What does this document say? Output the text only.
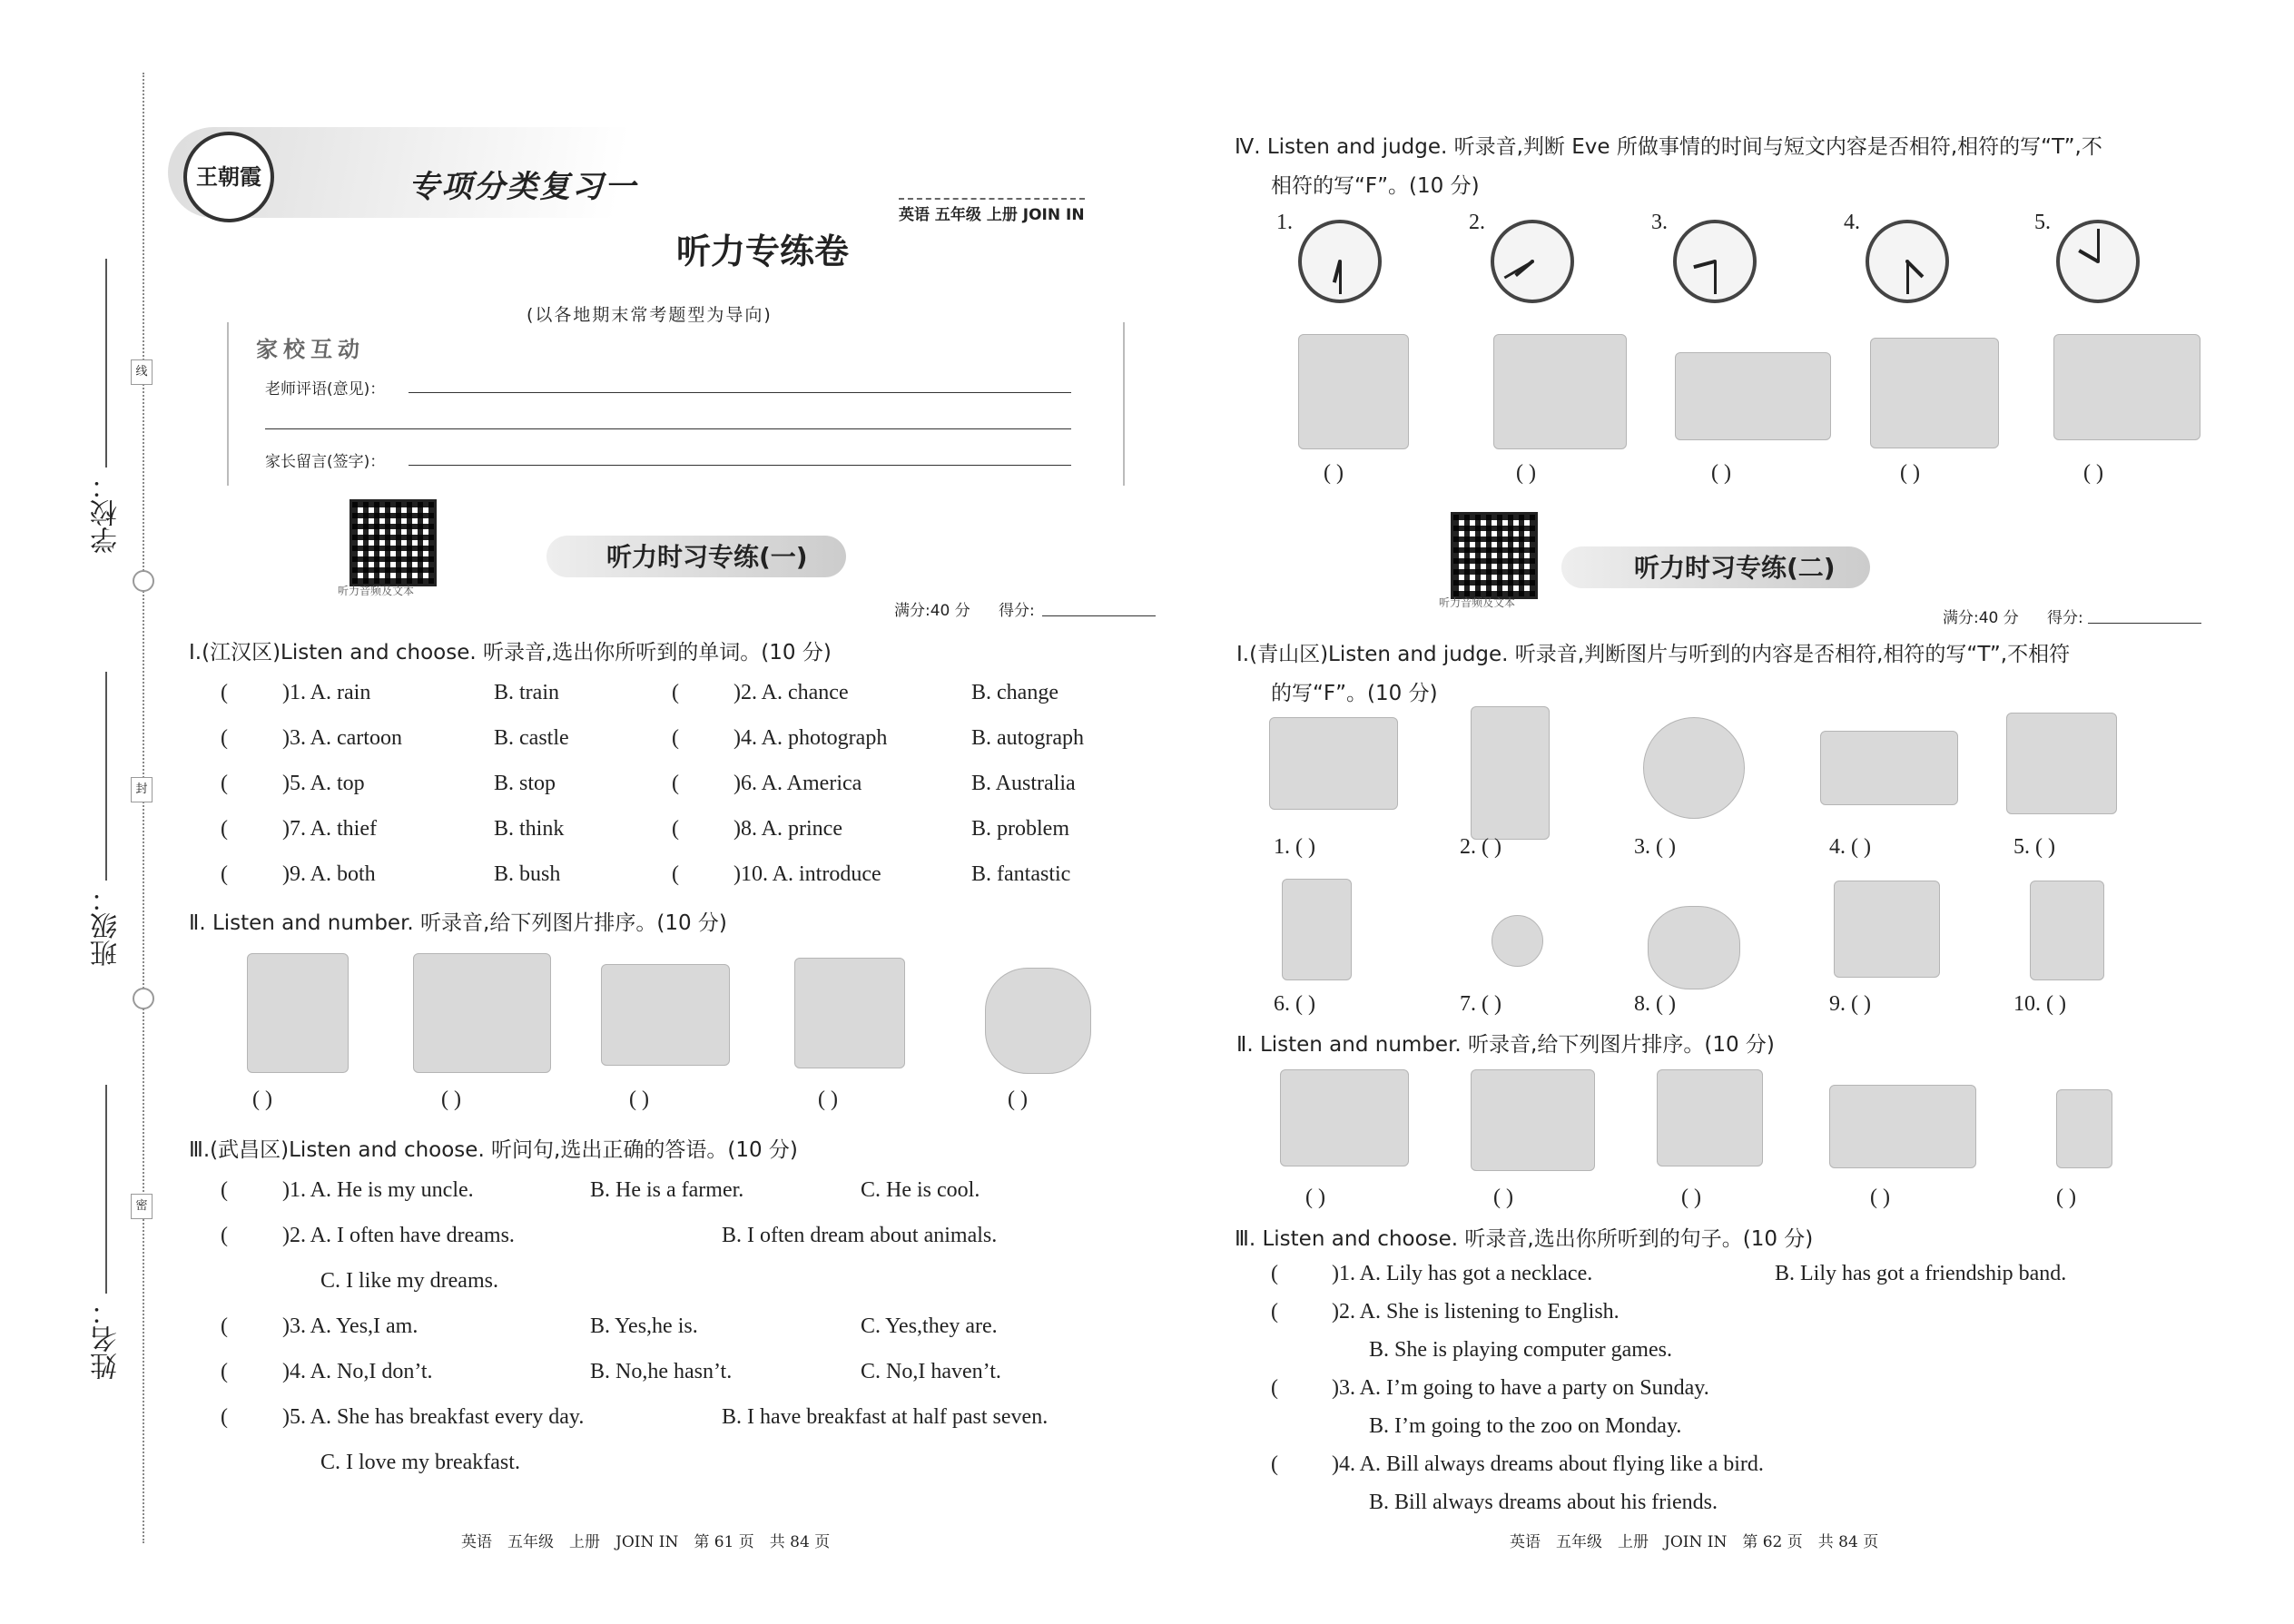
线
封
密
学校：
班级：
姓名：
王朝霞	专项分类复习一
英语 五年级 上册 JOIN IN
听力专练卷
(以各地期末常考题型为导向)
家校互动
老师评语(意见)：
家长留言(签字)：
听力音频及文本
听力时习专练(一)
满分:40 分 得分:
Ⅰ.(江汉区)Listen and choose. 听录音,选出你所听到的单词。(10 分)
(	)1. A. rain	B. train	(	)2. A. chance	B. change
(	)3. A. cartoon	B. castle	(	)4. A. photograph	B. autograph
(	)5. A. top	B. stop	(	)6. A. America	B. Australia
(	)7. A. thief	B. think	(	)8. A. prince	B. problem
(	)9. A. both	B. bush	(	)10. A. introduce	B. fantastic
Ⅱ. Listen and number. 听录音,给下列图片排序。(10 分)
( )	( )	( )	( )	( )
Ⅲ.(武昌区)Listen and choose. 听问句,选出正确的答语。(10 分)
(	)1. A. He is my uncle.	B. He is a farmer.	C. He is cool.
(	)2. A. I often have dreams.	B. I often dream about animals.
C. I like my dreams.
(	)3. A. Yes,I am.	B. Yes,he is.	C. Yes,they are.
(	)4. A. No,I don’t.	B. No,he hasn’t.	C. No,I haven’t.
(	)5. A. She has breakfast every day.	B. I have breakfast at half past seven.
C. I love my breakfast.
英语　五年级　上册　JOIN IN　第 61 页　共 84 页
Ⅳ. Listen and judge. 听录音,判断 Eve 所做事情的时间与短文内容是否相符,相符的写“T”,不
相符的写“F”。(10 分)
1.	2.	3.	4.	5.
( )	( )	( )	( )	( )
听力音频及文本
听力时习专练(二)
满分:40 分 得分:
Ⅰ.(青山区)Listen and judge. 听录音,判断图片与听到的内容是否相符,相符的写“T”,不相符
的写“F”。(10 分)
1. ( )	2. ( )	3. ( )	4. ( )	5. ( )
6. ( )	7. ( )	8. ( )	9. ( )	10. ( )
Ⅱ. Listen and number. 听录音,给下列图片排序。(10 分)
( )	( )	( )	( )	( )
Ⅲ. Listen and choose. 听录音,选出你所听到的句子。(10 分)
( )1. A. Lily has got a necklace.	B. Lily has got a friendship band.
( )2. A. She is listening to English.
B. She is playing computer games.
( )3. A. I’m going to have a party on Sunday.
B. I’m going to the zoo on Monday.
( )4. A. Bill always dreams about flying like a bird.
B. Bill always dreams about his friends.
英语　五年级　上册　JOIN IN　第 62 页　共 84 页
